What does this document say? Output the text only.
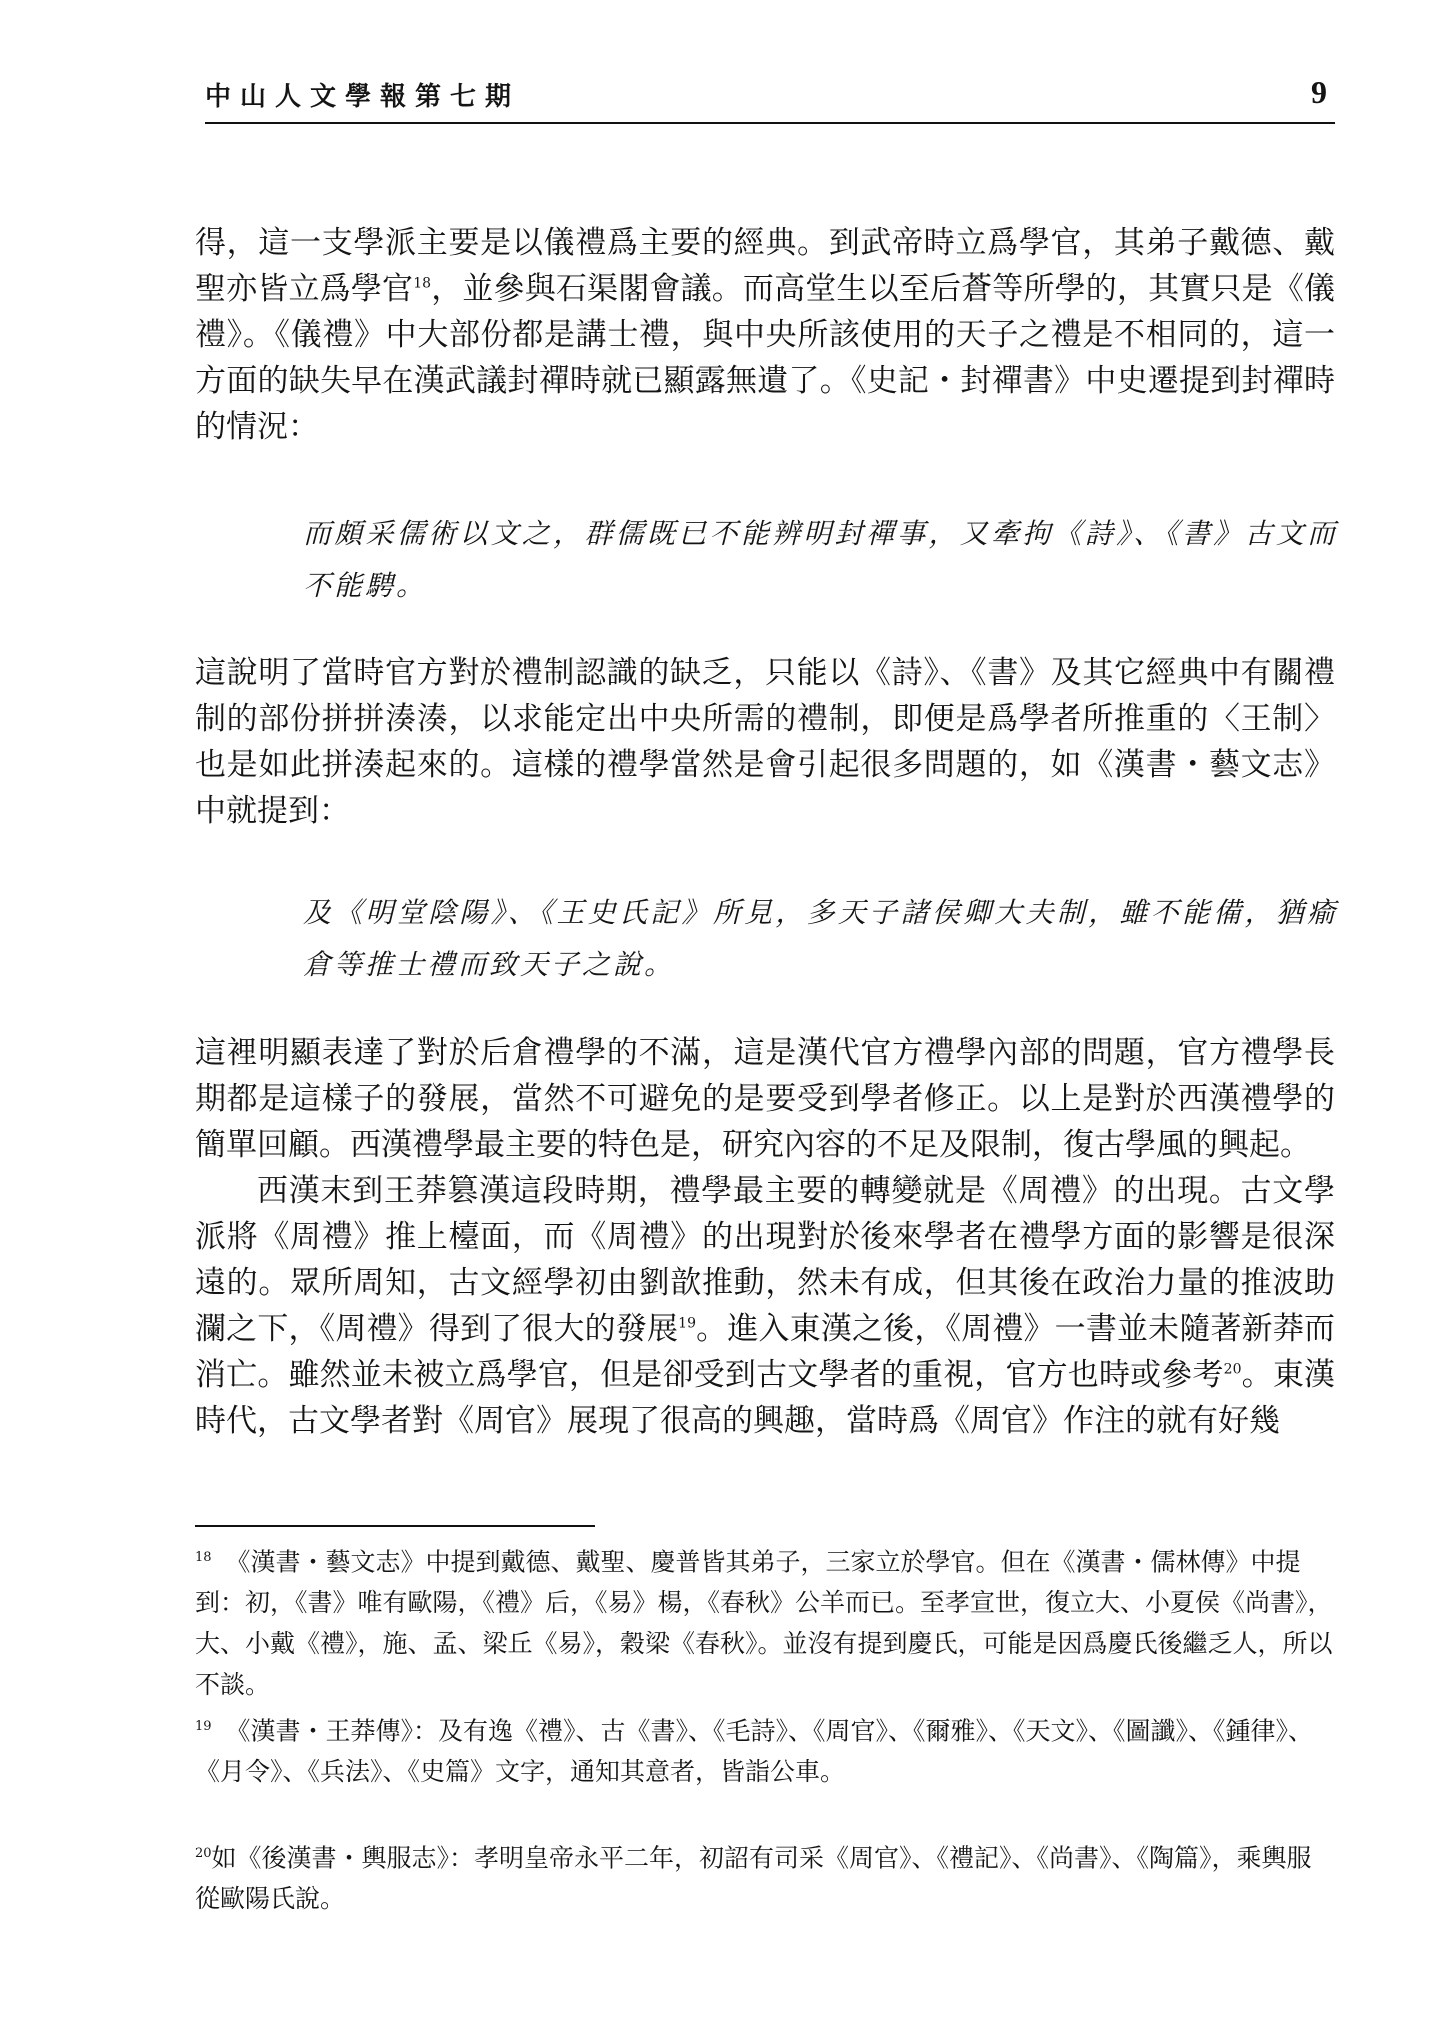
中山人文學報第七期	9

得，這一支學派主要是以儀禮爲主要的經典。到武帝時立爲學官，其弟子戴德、戴聖亦皆立爲學官$^{18}$，並參與石渠閣會議。而高堂生以至后蒼等所學的，其實只是《儀禮》。《儀禮》中大部份都是講士禮，與中央所該使用的天子之禮是不相同的，這一方面的缺失早在漢武議封禪時就已顯露無遺了。《史記・封禪書》中史遷提到封禪時的情況：

而頗采儒術以文之，群儒既已不能辨明封禪事，又牽拘《詩》、《書》古文而不能騁。

這說明了當時官方對於禮制認識的缺乏，只能以《詩》、《書》及其它經典中有關禮制的部份拼拼湊湊，以求能定出中央所需的禮制，即便是爲學者所推重的〈王制〉也是如此拼湊起來的。這樣的禮學當然是會引起很多問題的，如《漢書・藝文志》中就提到：

及《明堂陰陽》、《王史氏記》所見，多天子諸侯卿大夫制，雖不能備，猶瘉倉等推士禮而致天子之說。

這裡明顯表達了對於后倉禮學的不滿，這是漢代官方禮學內部的問題，官方禮學長期都是這樣子的發展，當然不可避免的是要受到學者修正。以上是對於西漢禮學的簡單回顧。西漢禮學最主要的特色是，研究內容的不足及限制，復古學風的興起。

西漢末到王莽篡漢這段時期，禮學最主要的轉變就是《周禮》的出現。古文學派將《周禮》推上檯面，而《周禮》的出現對於後來學者在禮學方面的影響是很深遠的。眾所周知，古文經學初由劉歆推動，然未有成，但其後在政治力量的推波助瀾之下，《周禮》得到了很大的發展$^{19}$。進入東漢之後，《周禮》一書並未隨著新莽而消亡。雖然並未被立爲學官，但是卻受到古文學者的重視，官方也時或參考$^{20}$。東漢時代，古文學者對《周官》展現了很高的興趣，當時爲《周官》作注的就有好幾

$^{18}$ 《漢書・藝文志》中提到戴德、戴聖、慶普皆其弟子，三家立於學官。但在《漢書・儒林傳》中提到：初，《書》唯有歐陽，《禮》后，《易》楊，《春秋》公羊而已。至孝宣世，復立大、小夏侯《尚書》，大、小戴《禮》，施、孟、梁丘《易》，穀梁《春秋》。並沒有提到慶氏，可能是因爲慶氏後繼乏人，所以不談。

$^{19}$ 《漢書・王莽傳》：及有逸《禮》、古《書》、《毛詩》、《周官》、《爾雅》、《天文》、《圖讖》、《鍾律》、《月令》、《兵法》、《史篇》文字，通知其意者，皆詣公車。

$^{20}$如《後漢書・輿服志》：孝明皇帝永平二年，初詔有司采《周官》、《禮記》、《尚書》、《陶篇》，乘輿服從歐陽氏說。
